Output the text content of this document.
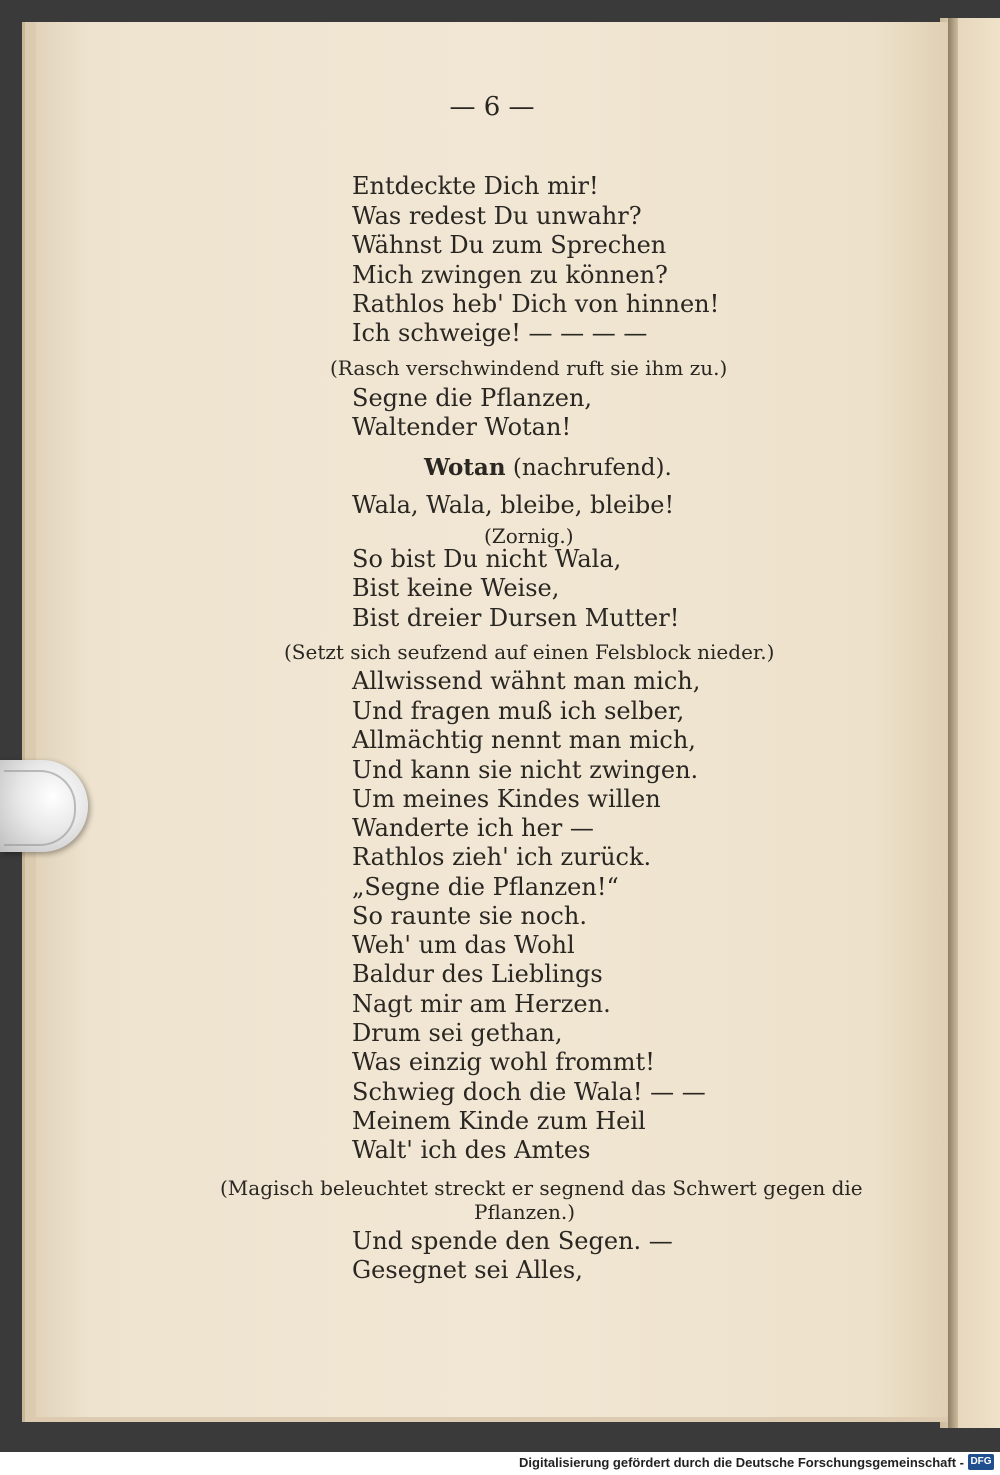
— 6 —
Entdeckte Dich mir!
Was redest Du unwahr?
Wähnst Du zum Sprechen
Mich zwingen zu können?
Rathlos heb' Dich von hinnen!
Ich schweige! — — — —
(Rasch verschwindend ruft sie ihm zu.)
Segne die Pflanzen,
Waltender Wotan!
Wotan (nachrufend).
Wala, Wala, bleibe, bleibe!
(Zornig.)
So bist Du nicht Wala,
Bist keine Weise,
Bist dreier Dursen Mutter!
(Setzt sich seufzend auf einen Felsblock nieder.)
Allwissend wähnt man mich,
Und fragen muß ich selber,
Allmächtig nennt man mich,
Und kann sie nicht zwingen.
Um meines Kindes willen
Wanderte ich her —
Rathlos zieh' ich zurück.
„Segne die Pflanzen!“
So raunte sie noch.
Weh' um das Wohl
Baldur des Lieblings
Nagt mir am Herzen.
Drum sei gethan,
Was einzig wohl frommt!
Schwieg doch die Wala! — —
Meinem Kinde zum Heil
Walt' ich des Amtes
(Magisch beleuchtet streckt er segnend das Schwert gegen die
Pflanzen.)
Und spende den Segen. —
Gesegnet sei Alles,
Digitalisierung gefördert durch die Deutsche Forschungsgemeinschaft - DFG
